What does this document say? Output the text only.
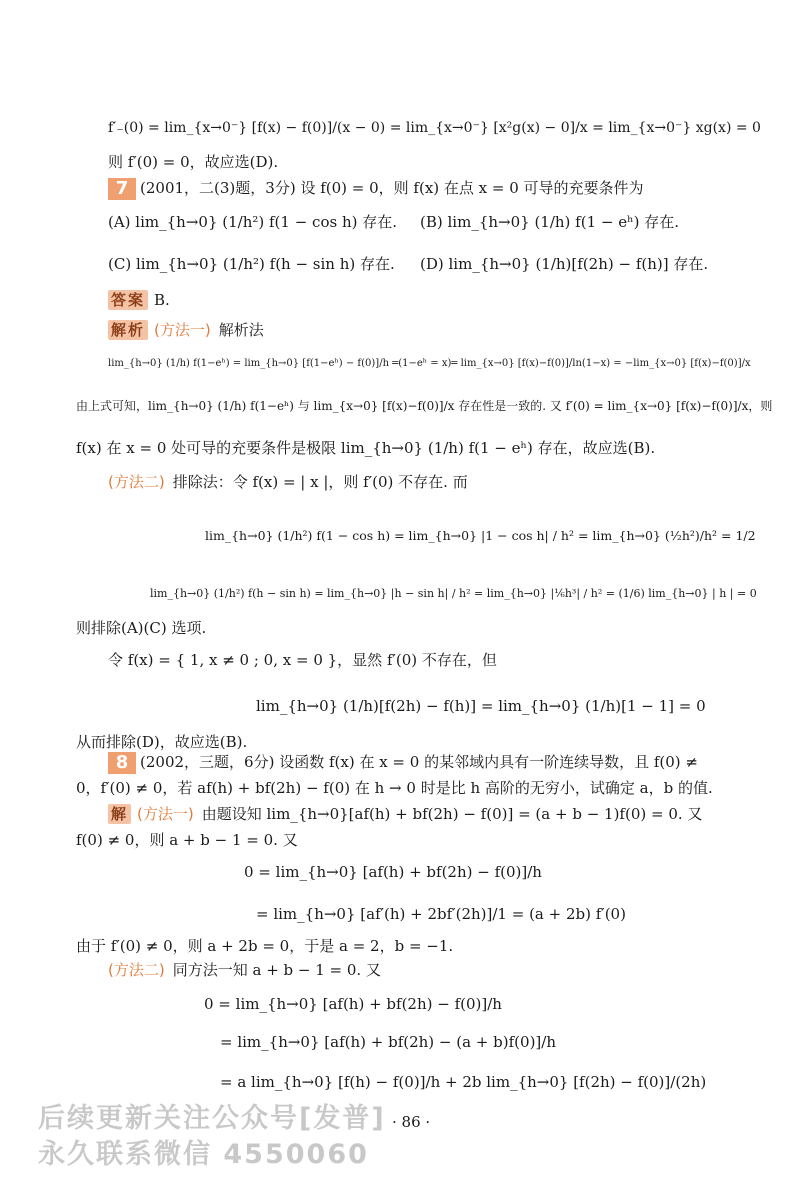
f′₋(0) = lim_{x→0⁻} [f(x) − f(0)]/(x − 0) = lim_{x→0⁻} [x²g(x) − 0]/x = lim_{x→0⁻} xg(x) = 0
则 f′(0) = 0，故应选(D).
7 (2001，二(3)题，3分) 设 f(0) = 0，则 f(x) 在点 x = 0 可导的充要条件为
(A) lim_{h→0} (1/h²) f(1 − cos h) 存在. (B) lim_{h→0} (1/h) f(1 − eʰ) 存在.
(C) lim_{h→0} (1/h²) f(h − sin h) 存在. (D) lim_{h→0} (1/h)[f(2h) − f(h)] 存在.
答案 B.
解析 (方法一) 解析法
lim_{h→0} (1/h) f(1−eʰ) = lim_{h→0} [f(1−eʰ) − f(0)]/h ═(1−eʰ = x)═ lim_{x→0} [f(x)−f(0)]/ln(1−x) = −lim_{x→0} [f(x)−f(0)]/x
由上式可知，lim_{h→0} (1/h) f(1−eʰ) 与 lim_{x→0} [f(x)−f(0)]/x 存在性是一致的. 又 f′(0) = lim_{x→0} [f(x)−f(0)]/x，则
f(x) 在 x = 0 处可导的充要条件是极限 lim_{h→0} (1/h) f(1 − eʰ) 存在，故应选(B).
(方法二) 排除法：令 f(x) = | x |，则 f′(0) 不存在. 而
lim_{h→0} (1/h²) f(1 − cos h) = lim_{h→0} |1 − cos h| / h² = lim_{h→0} (½h²)/h² = 1/2
lim_{h→0} (1/h²) f(h − sin h) = lim_{h→0} |h − sin h| / h² = lim_{h→0} |⅙h³| / h² = (1/6) lim_{h→0} | h | = 0
则排除(A)(C) 选项.
令 f(x) = { 1, x ≠ 0 ; 0, x = 0 }，显然 f′(0) 不存在，但
lim_{h→0} (1/h)[f(2h) − f(h)] = lim_{h→0} (1/h)[1 − 1] = 0
从而排除(D)，故应选(B).
8 (2002，三题，6分) 设函数 f(x) 在 x = 0 的某邻域内具有一阶连续导数，且 f(0) ≠
0，f′(0) ≠ 0，若 af(h) + bf(2h) − f(0) 在 h → 0 时是比 h 高阶的无穷小，试确定 a，b 的值.
解 (方法一) 由题设知 lim_{h→0}[af(h) + bf(2h) − f(0)] = (a + b − 1)f(0) = 0. 又
f(0) ≠ 0，则 a + b − 1 = 0. 又
0 = lim_{h→0} [af(h) + bf(2h) − f(0)]/h
= lim_{h→0} [af′(h) + 2bf′(2h)]/1 = (a + 2b) f′(0)
由于 f′(0) ≠ 0，则 a + 2b = 0，于是 a = 2，b = −1.
(方法二) 同方法一知 a + b − 1 = 0. 又
0 = lim_{h→0} [af(h) + bf(2h) − f(0)]/h
= lim_{h→0} [af(h) + bf(2h) − (a + b)f(0)]/h
= a lim_{h→0} [f(h) − f(0)]/h + 2b lim_{h→0} [f(2h) − f(0)]/(2h)
后续更新关注公众号[发普]
永久联系微信 4550060
· 86 ·
